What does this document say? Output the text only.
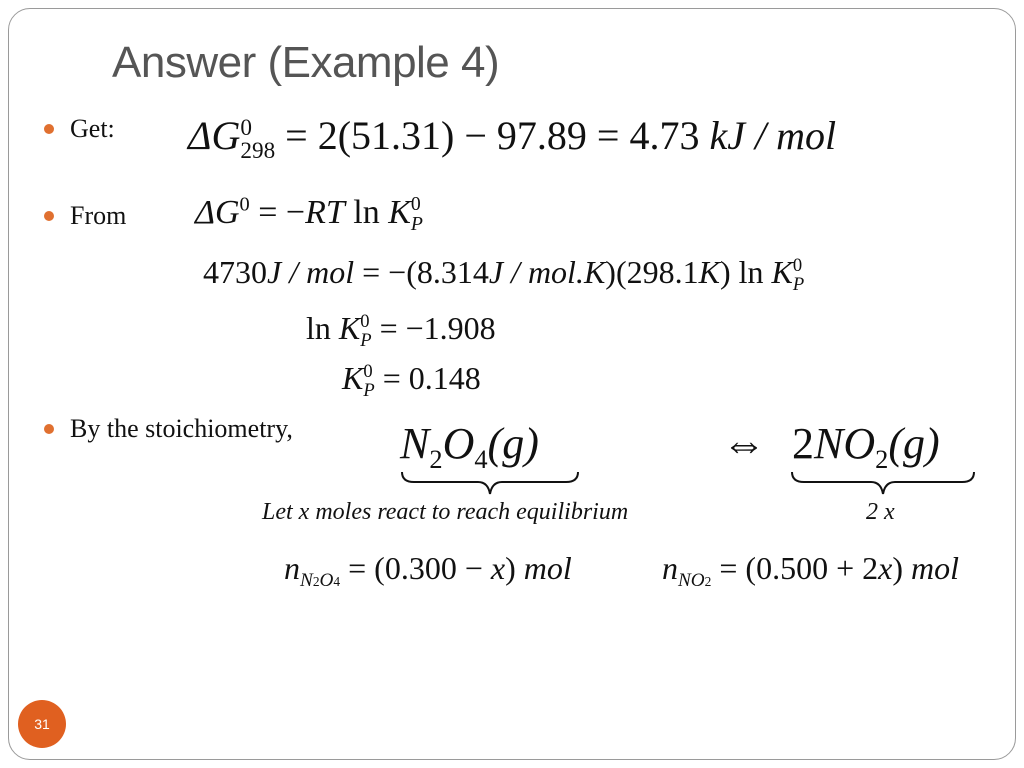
Answer (Example 4)
Get: ΔG 0
298 = 2(51.31) − 97.89 = 4.73 kJ / mol
From $\Delta G^0 = -RT$ ln K 0
P
4730J / mol = −(8.314J / mol.K)(298.1K) ln K 0
P
ln K 0
P = −1.908
K 0
P = 0.148
By the stoichiometry, $N_2O_4(g)$	⇔ $2NO_2(g)$
Let x moles react to reach equilibrium	2 x
$n_{N2O4} = (0.300 - x)$ mol	$n_{NO2} = (0.500 + 2x)$ mol
31
